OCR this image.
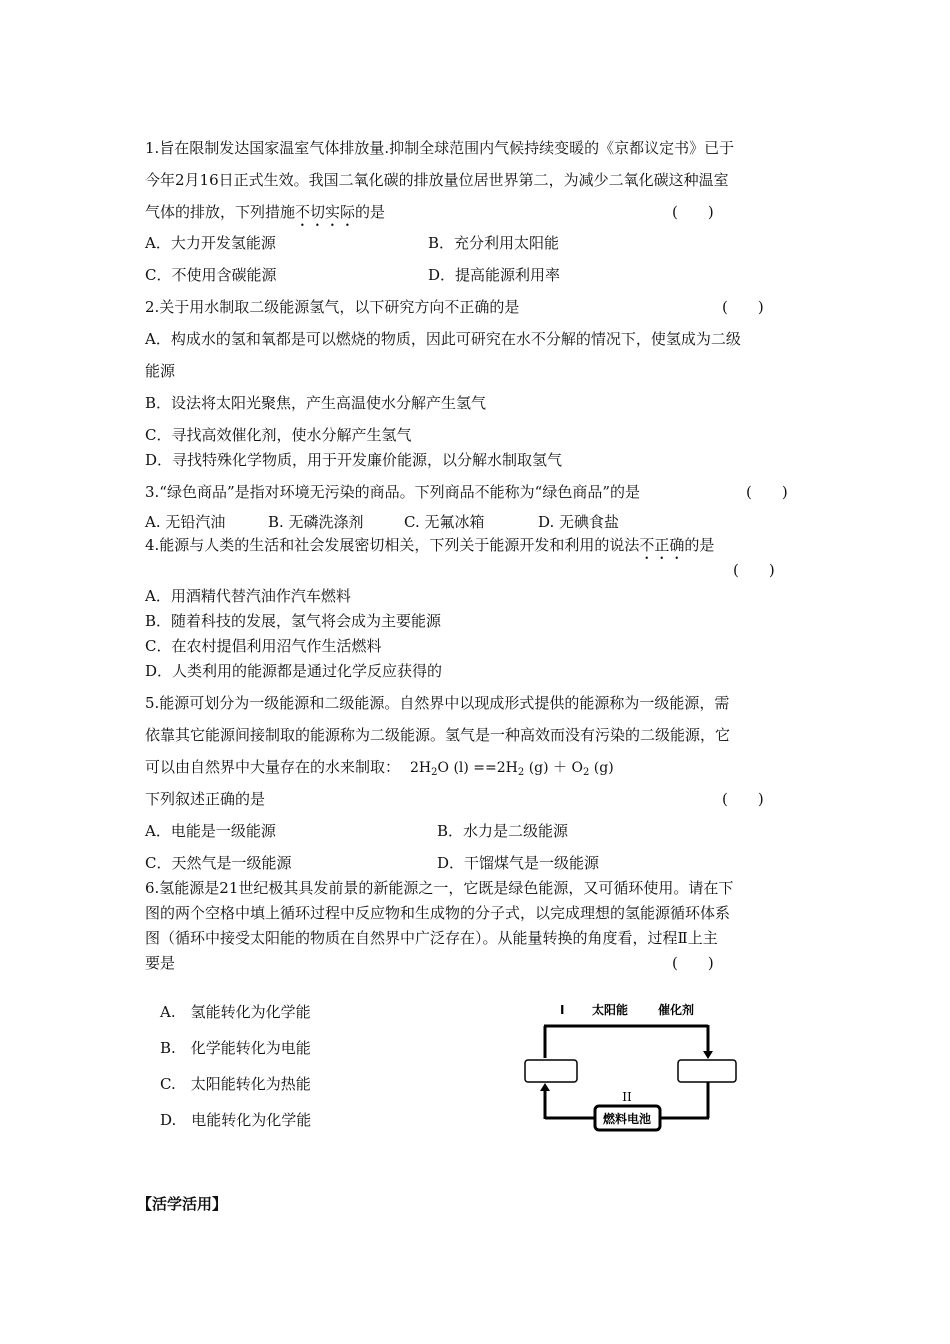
1.旨在限制发达国家温室气体排放量.抑制全球范围内气候持续变暖的《京都议定书》已于
今年2月16日正式生效。我国二氧化碳的排放量位居世界第二，为减少二氧化碳这种温室
气体的排放，下列措施不切实际的是	(　　)
A．大力开发氢能源	B．充分利用太阳能
C．不使用含碳能源	D．提高能源利用率
2.关于用水制取二级能源氢气，以下研究方向不正确的是	(　　)
A．构成水的氢和氧都是可以燃烧的物质，因此可研究在水不分解的情况下，使氢成为二级
能源
B．设法将太阳光聚焦，产生高温使水分解产生氢气
C．寻找高效催化剂，使水分解产生氢气
D．寻找特殊化学物质，用于开发廉价能源，以分解水制取氢气
3.“绿色商品”是指对环境无污染的商品。下列商品不能称为“绿色商品”的是	(　　)
A. 无铅汽油	B. 无磷洗涤剂	C. 无氟冰箱	D. 无碘食盐
4.能源与人类的生活和社会发展密切相关，下列关于能源开发和利用的说法不正确的是
(　　)
A．用酒精代替汽油作汽车燃料
B．随着科技的发展，氢气将会成为主要能源
C．在农村提倡利用沼气作生活燃料
D．人类利用的能源都是通过化学反应获得的
5.能源可划分为一级能源和二级能源。自然界中以现成形式提供的能源称为一级能源，需
依靠其它能源间接制取的能源称为二级能源。氢气是一种高效而没有污染的二级能源，它
可以由自然界中大量存在的水来制取： $2H_2O$ $(l) ==2H_2$ $(g) + O_2$ (g)
下列叙述正确的是	(　　)
A．电能是一级能源	B．水力是二级能源
C．天然气是一级能源	D．干馏煤气是一级能源
6.氢能源是21世纪极其具发前景的新能源之一，它既是绿色能源，又可循环使用。请在下
图的两个空格中填上循环过程中反应物和生成物的分子式，以完成理想的氢能源循环体系
图（循环中接受太阳能的物质在自然界中广泛存在）。从能量转换的角度看，过程Ⅱ上主
要是	(　　)
A.　氢能转化为化学能
B.　化学能转化为电能
C.　太阳能转化为热能
D.　电能转化为化学能	燃料电池
II
I 太阳能 催化剂
【活学活用】
